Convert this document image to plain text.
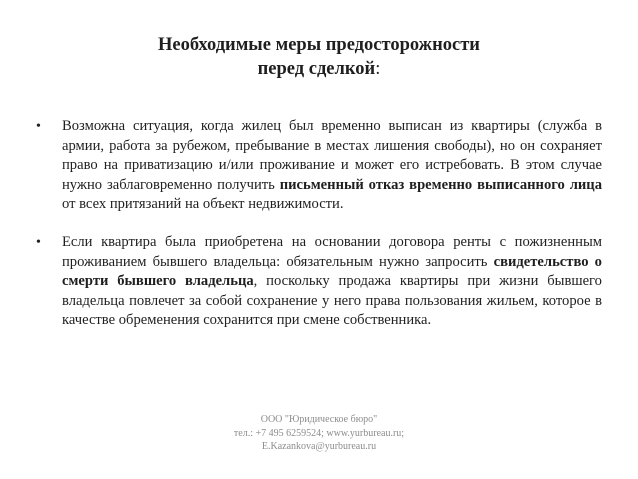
Необходимые меры предосторожности
перед сделкой:
• Возможна ситуация, когда жилец был временно выписан из квартиры (служба в армии, работа за рубежом, пребывание в местах лишения свободы), но он сохраняет право на приватизацию и/или проживание и может его истребовать. В этом случае нужно заблаговременно получить письменный отказ временно выписанного лица от всех притязаний на объект недвижимости.
• Если квартира была приобретена на основании договора ренты с пожизненным проживанием бывшего владельца: обязательным нужно запросить свидетельство о смерти бывшего владельца, поскольку продажа квартиры при жизни бывшего владельца повлечет за собой сохранение у него права пользования жильем, которое в качестве обременения сохранится при смене собственника.
ООО "Юридическое бюро"
тел.: +7 495 6259524; www.yurbureau.ru;
E.Kazankova@yurbureau.ru
